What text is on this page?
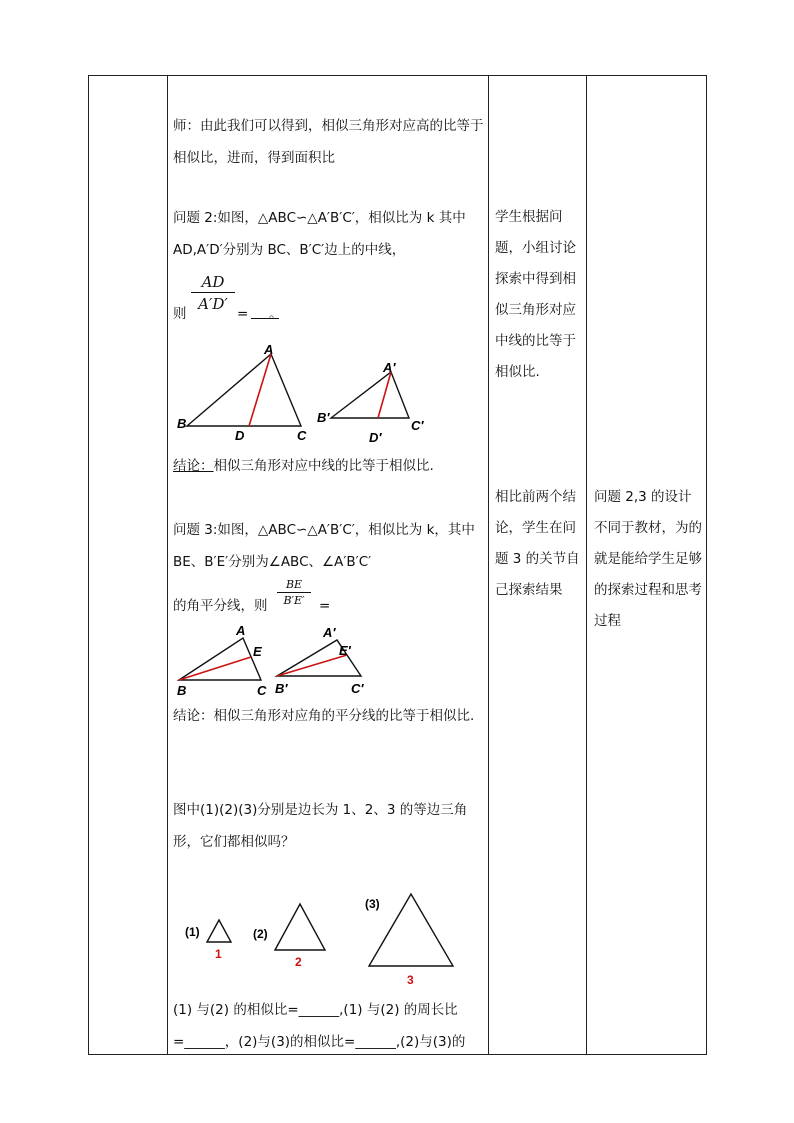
师：由此我们可以得到，相似三角形对应高的比等于相似比，进而，得到面积比

问题 2:如图，△ABC∽△A′B′C′，相似比为 k 其中 AD,A′D′分别为 BC、B′C′边上的中线，

则 $\frac{AD}{A'D'}$ = 。
A
B
C
D
A′
B′
C′
D′

结论：相似三角形对应中线的比等于相似比.

问题 3:如图，△ABC∽△A′B′C′，相似比为 k，其中 BE、B′E′分别为∠ABC、∠A′B′C′

的角平分线，则 $\frac{BE}{B'E'}$ =
A
B	C
E
A′
B′	C′
E′

结论：相似三角形对应角的平分线的比等于相似比.

图中(1)(2)(3)分别是边长为 1、2、3 的等边三角形，它们都相似吗？

(1)
1
(2)
2
(3)
3

(1) 与(2) 的相似比=______,(1) 与(2) 的周长比=______，(2)与(3)的相似比=______,(2)与(3)的

学生根据问题，小组讨论探索中得到相似三角形对应中线的比等于相似比.
相比前两个结论，学生在问题 3 的关节自己探索结果
问题 2,3 的设计不同于教材，为的就是能给学生足够的探索过程和思考过程
